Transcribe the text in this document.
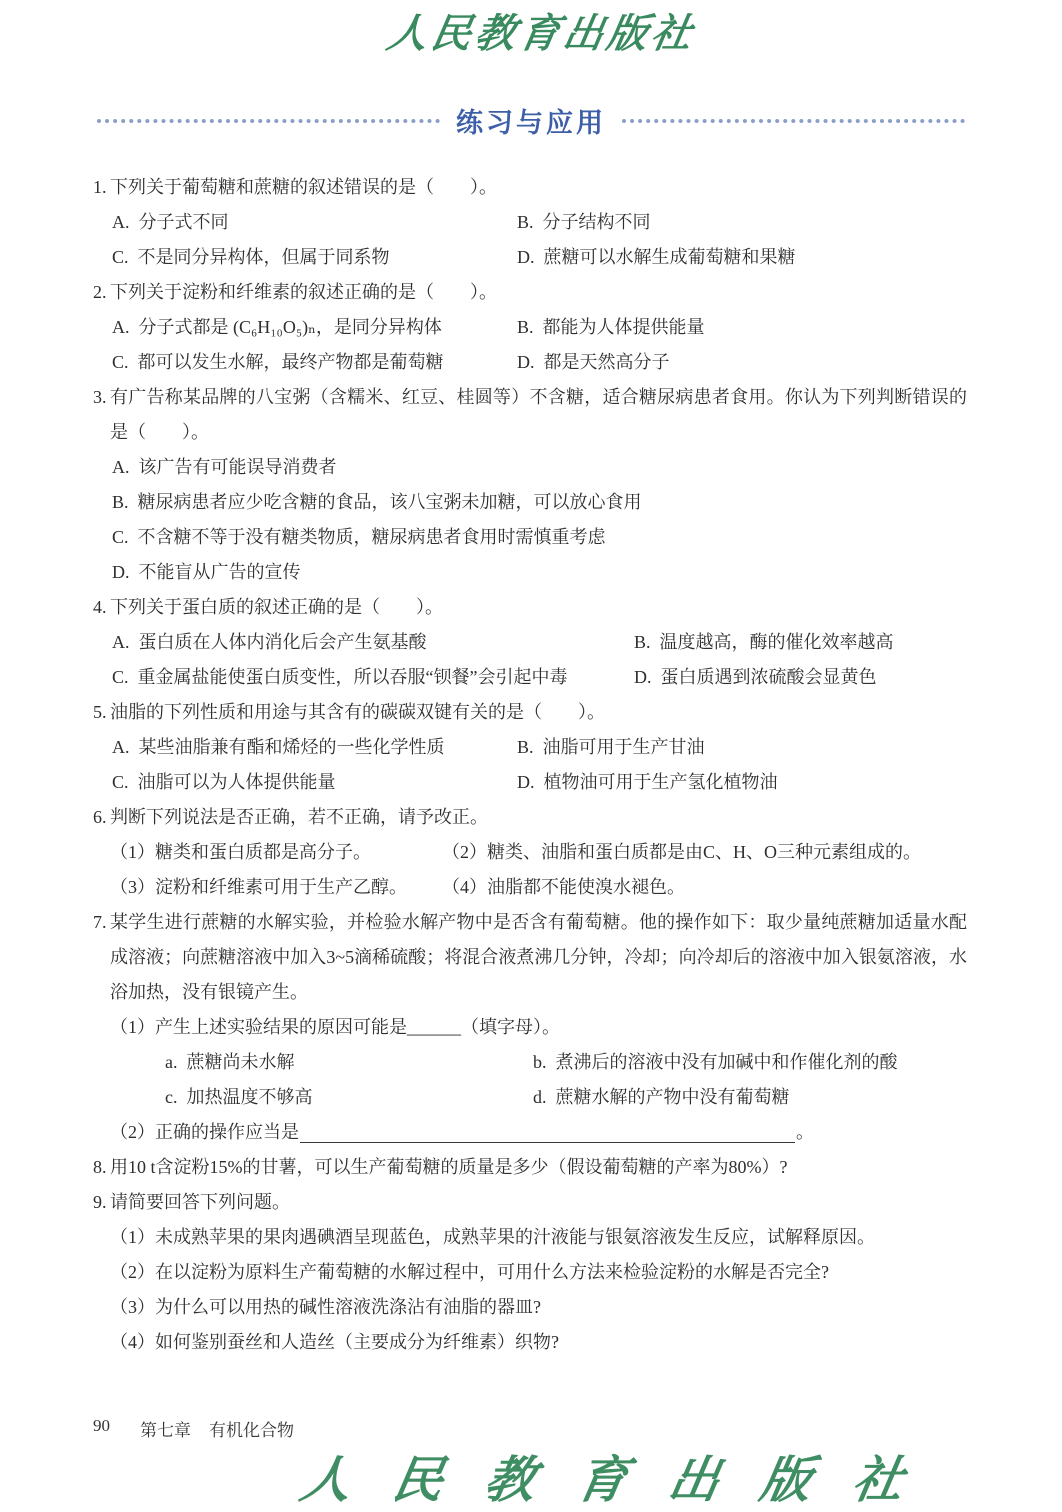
人民教育出版社
练习与应用
1. 下列关于葡萄糖和蔗糖的叙述错误的是（　　）。
A. 分子式不同	B. 分子结构不同
C. 不是同分异构体，但属于同系物	D. 蔗糖可以水解生成葡萄糖和果糖
2. 下列关于淀粉和纤维素的叙述正确的是（　　）。
A. 分子式都是 (C₆H₁₀O₅)ₙ，是同分异构体	B. 都能为人体提供能量
C. 都可以发生水解，最终产物都是葡萄糖	D. 都是天然高分子
3. 有广告称某品牌的八宝粥（含糯米、红豆、桂圆等）不含糖，适合糖尿病患者食用。你认为下列判断错误的是（　　）。
A. 该广告有可能误导消费者
B. 糖尿病患者应少吃含糖的食品，该八宝粥未加糖，可以放心食用
C. 不含糖不等于没有糖类物质，糖尿病患者食用时需慎重考虑
D. 不能盲从广告的宣传
4. 下列关于蛋白质的叙述正确的是（　　）。
A. 蛋白质在人体内消化后会产生氨基酸	B. 温度越高，酶的催化效率越高
C. 重金属盐能使蛋白质变性，所以吞服“钡餐”会引起中毒	D. 蛋白质遇到浓硫酸会显黄色
5. 油脂的下列性质和用途与其含有的碳碳双键有关的是（　　）。
A. 某些油脂兼有酯和烯烃的一些化学性质	B. 油脂可用于生产甘油
C. 油脂可以为人体提供能量	D. 植物油可用于生产氢化植物油
6. 判断下列说法是否正确，若不正确，请予改正。
（1） 糖类和蛋白质都是高分子。	（2） 糖类、油脂和蛋白质都是由C、H、O三种元素组成的。
（3） 淀粉和纤维素可用于生产乙醇。 （4） 油脂都不能使溴水褪色。
7. 某学生进行蔗糖的水解实验，并检验水解产物中是否含有葡萄糖。他的操作如下：取少量纯蔗糖加适量水配成溶液；向蔗糖溶液中加入3~5滴稀硫酸；将混合液煮沸几分钟，冷却；向冷却后的溶液中加入银氨溶液，水浴加热，没有银镜产生。
（1） 产生上述实验结果的原因可能是______（填字母）。
a. 蔗糖尚未水解	b. 煮沸后的溶液中没有加碱中和作催化剂的酸
c. 加热温度不够高	d. 蔗糖水解的产物中没有葡萄糖
（2） 正确的操作应当是	。
8. 用10 t含淀粉15%的甘薯，可以生产葡萄糖的质量是多少（假设葡萄糖的产率为80%）?
9. 请简要回答下列问题。
（1） 未成熟苹果的果肉遇碘酒呈现蓝色，成熟苹果的汁液能与银氨溶液发生反应，试解释原因。
（2） 在以淀粉为原料生产葡萄糖的水解过程中，可用什么方法来检验淀粉的水解是否完全?
（3） 为什么可以用热的碱性溶液洗涤沾有油脂的器皿?
（4） 如何鉴别蚕丝和人造丝（主要成分为纤维素）织物?
90 第七章 有机化合物
人民教育出版社
